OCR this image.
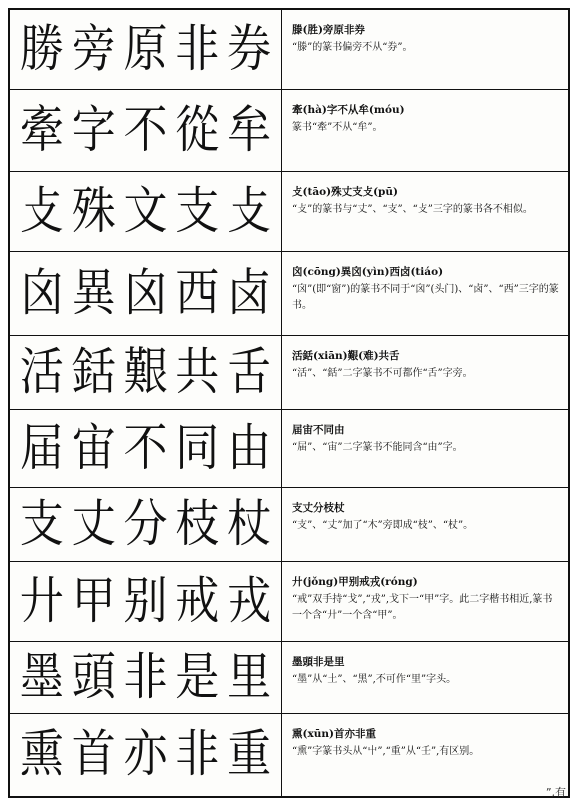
勝 旁 原 非 券 滕(胜)旁原非券
“滕”的篆书偏旁不从“券”。
牽 字 不 從 牟 牽(hà)字不从牟(móu)
篆书“牽”不从“牟”。
攴 殊 文 支 攴 攴(tāo)殊丈支攴(pū)
“攴”的篆书与“丈”、“支”、“攴”三字的篆书各不相似。
囟 異 囟 西 卤 囟(cōng)異囟(yìn)西卤(tiáo)
“囟”(即“窗”)的篆书不同于“囟”(头门)、“卤”、“西”三字的篆书。
活 銛 艱 共 舌 活銛(xiān)艱(难)共舌
“活”、“銛”二字篆书不可都作“舌”字旁。
届 宙 不 同 由 届宙不同由
“届”、“宙”二字篆书不能同含“由”字。
支 丈 分 枝 杖 支丈分枝杖
“支”、“丈”加了“木”旁即成“枝”、“杖”。
廾 甲 别 戒 戎 廾(jǒng)甲别戒戎(róng)
“戒”双手持“戈”,“戎”,戈下一“甲”字。此二字楷书相近,篆书一个含“廾”一个含“甲”。
墨 頭 非 是 里 墨頭非是里
“墨”从“土”、“黑”,不可作“里”字头。
熏 首 亦 非 重 熏(xūn)首亦非重
“熏”字篆书头从“屮”,“重”从“壬”,有区别。
”,有
